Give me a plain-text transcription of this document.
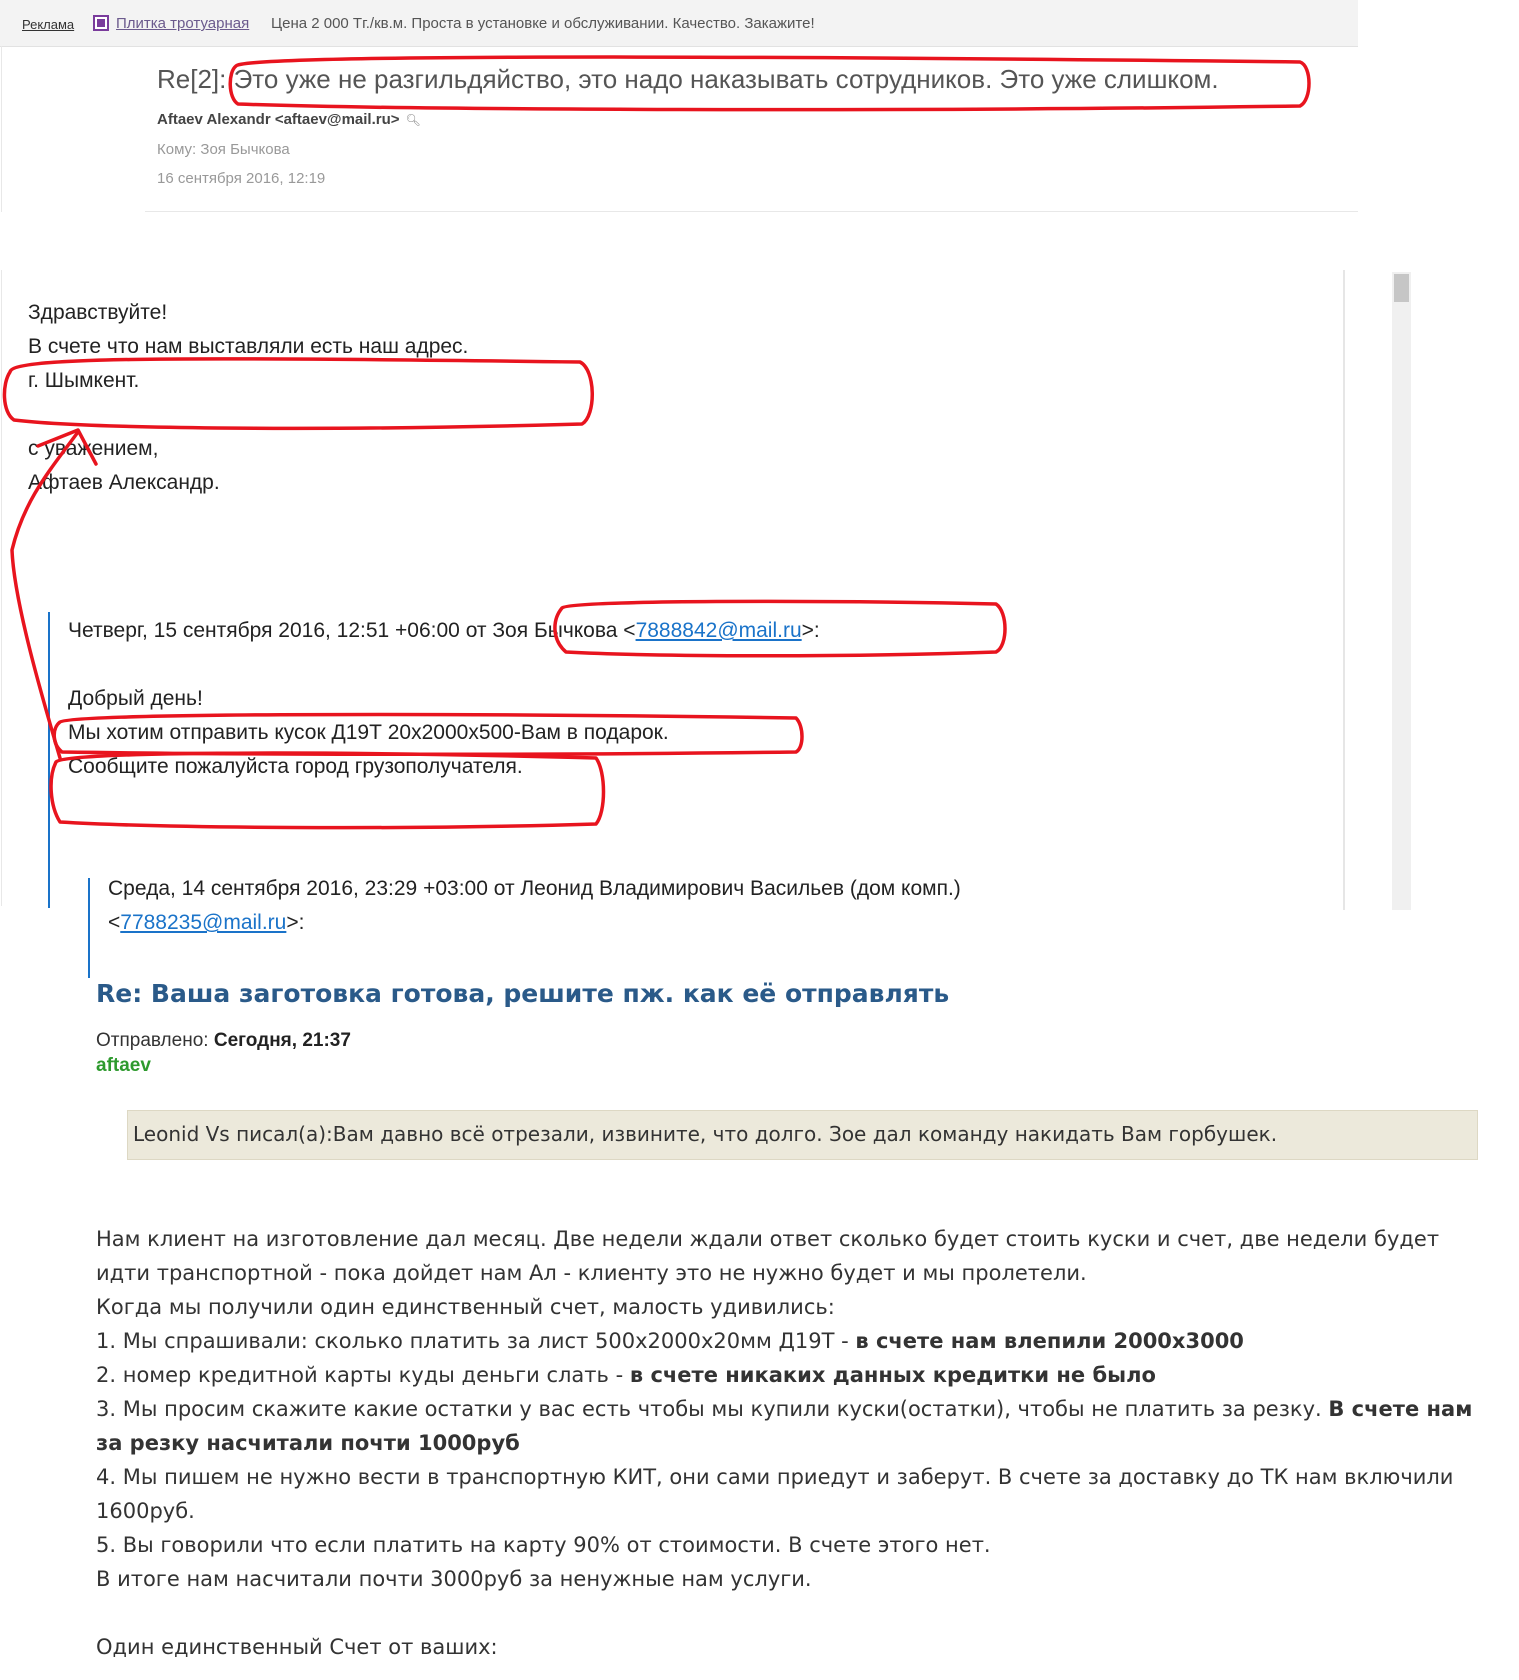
Реклама	Плитка тротуарная Цена 2 000 Тг./кв.м. Проста в установке и обслуживании. Качество. Закажите!
Re[2]: Это уже не разгильдяйство, это надо наказывать сотрудников. Это уже слишком.
Aftaev Alexandr <aftaev@mail.ru> 🔍︎
Кому: Зоя Бычкова
16 сентября 2016, 12:19
Здравствуйте!
В счете что нам выставляли есть наш адрес.
г. Шымкент.
с уважением,
Афтаев Александр.
Четверг, 15 сентября 2016, 12:51 +06:00 от Зоя Бычкова <7888842@mail.ru>:
Добрый день!
Мы хотим отправить кусок Д19Т 20х2000х500-Вам в подарок.
Сообщите пожалуйста город грузополучателя.
Среда, 14 сентября 2016, 23:29 +03:00 от Леонид Владимирович Васильев (дом комп.)
<7788235@mail.ru>:
Re: Ваша заготовка готова, решите пж. как её отправлять
Отправлено: Сегодня, 21:37
aftaev
Leonid Vs писал(а):Вам давно всё отрезали, извините, что долго. Зое дал команду накидать Вам горбушек.

Нам клиент на изготовление дал месяц. Две недели ждали ответ сколько будет стоить куски и счет, две недели будет идти транспортной - пока дойдет нам Ал - клиенту это не нужно будет и мы пролетели.

Когда мы получили один единственный счет, малость удивились:

1. Мы спрашивали: сколько платить за лист 500х2000х20мм Д19Т - в счете нам влепили 2000х3000

2. номер кредитной карты куды деньги слать - в счете никаких данных кредитки не было

3. Мы просим скажите какие остатки у вас есть чтобы мы купили куски(остатки), чтобы не платить за резку. В счете нам за резку насчитали почти 1000руб

4. Мы пишем не нужно вести в транспортную КИТ, они сами приедут и заберут. В счете за доставку до ТК нам включили 1600руб.

5. Вы говорили что если платить на карту 90% от стоимости. В счете этого нет.

В итоге нам насчитали почти 3000руб за ненужные нам услуги.

Один единственный Счет от ваших:
